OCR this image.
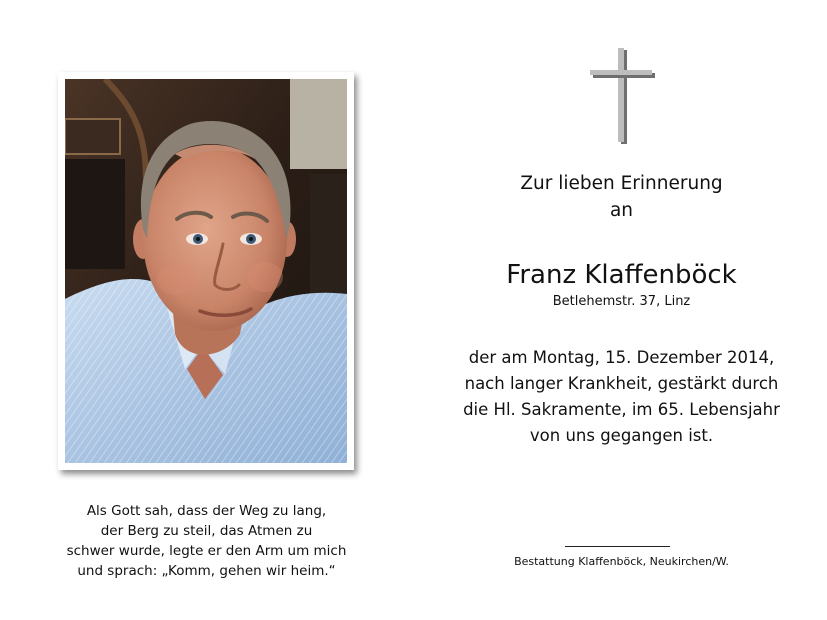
Als Gott sah, dass der Weg zu lang,
der Berg zu steil, das Atmen zu
schwer wurde, legte er den Arm um mich
und sprach: „Komm, gehen wir heim.“
Zur lieben Erinnerung
an
Franz Klaffenböck
Betlehemstr. 37, Linz
der am Montag, 15. Dezember 2014,
nach langer Krankheit, gestärkt durch
die Hl. Sakramente, im 65. Lebensjahr
von uns gegangen ist.
Bestattung Klaffenböck, Neukirchen/W.
